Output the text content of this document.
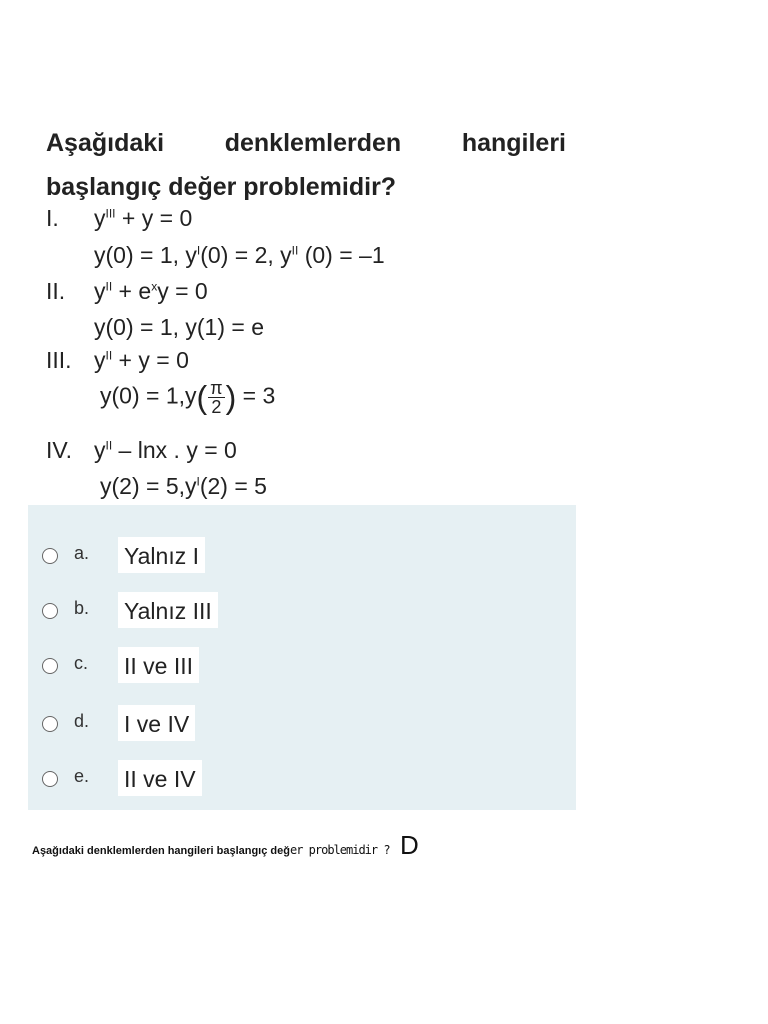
Aşağıdaki denklemlerden hangileri
başlangıç değer problemidir?
I. $y^{III} + y = 0$
y(0) = 1, $y^I(0) = 2$, $y^{II}$ (0) = –1
II. $y^{II} + e^xy = 0$
y(0) = 1, y(1) = e
III. $y^{II} + y = 0$
$y(0) = 1,y( \frac{\pi}{2}$ ) = 3
IV. $y^{II}$ – lnx . y = 0
$y(2) = 5,y^I(2) = 5$
a. Yalnız I
b. Yalnız III
c. II ve III
d. I ve IV
e. II ve IV
Aşağıdaki denklemlerden hangileri başlangıç değer problemidir ? D
